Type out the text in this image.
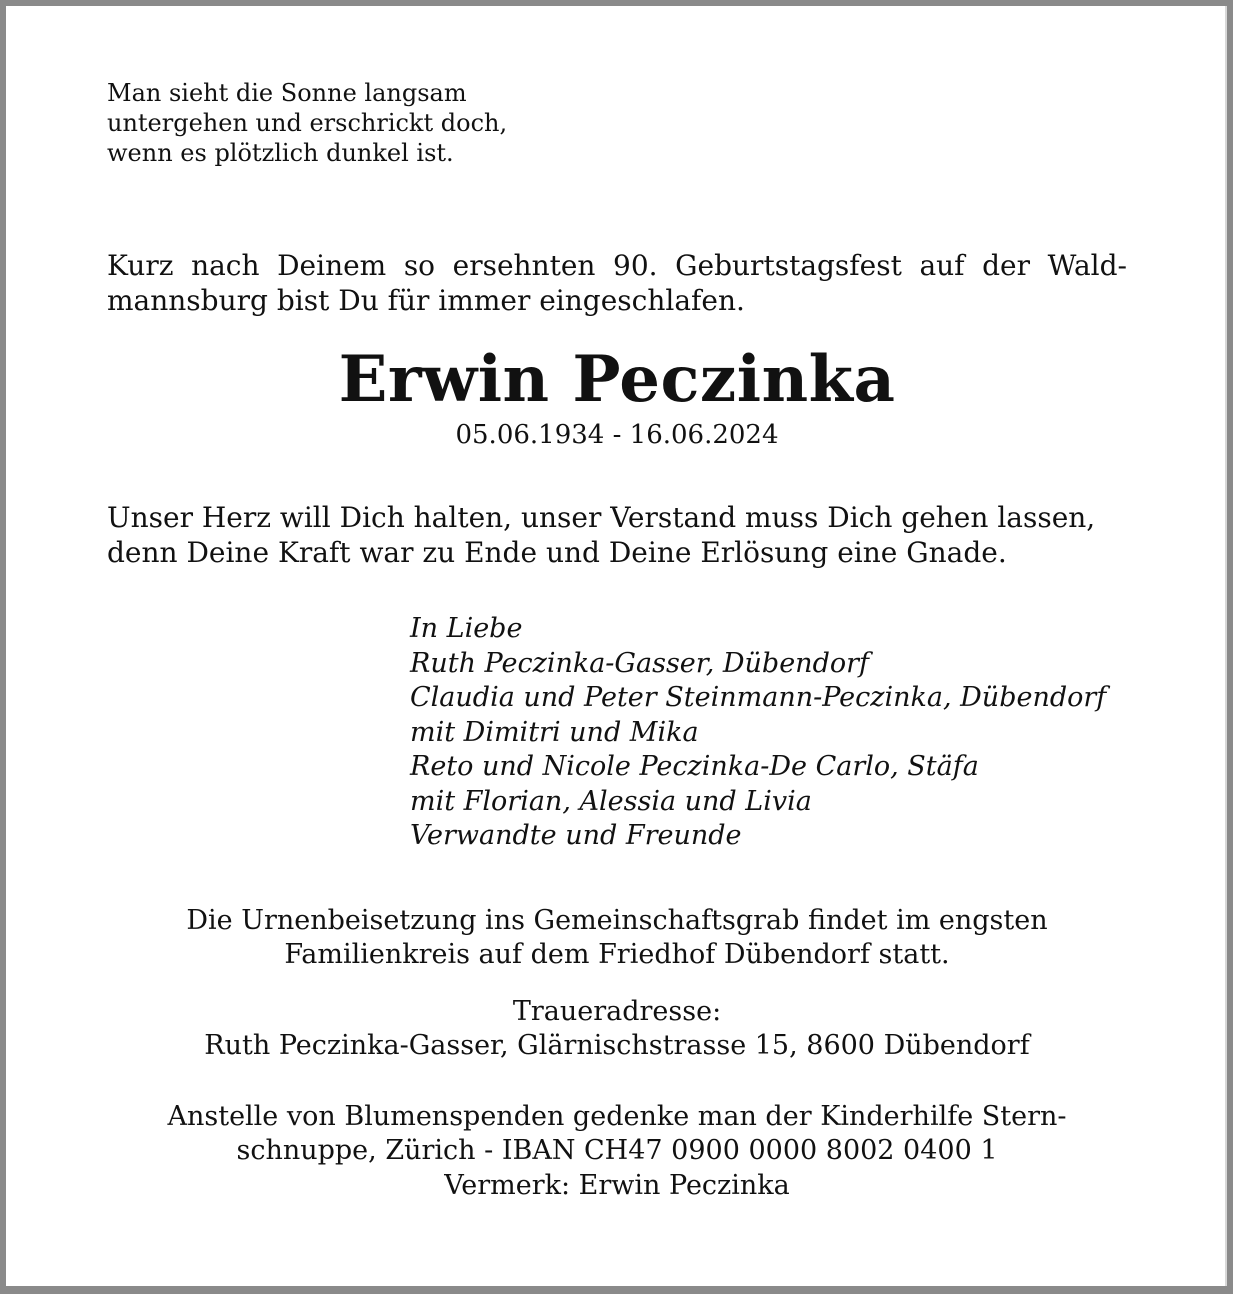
Man sieht die Sonne langsam
untergehen und erschrickt doch,
wenn es plötzlich dunkel ist.

Kurz nach Deinem so ersehnten 90. Geburtstagsfest auf der Waldmannsburg bist Du für immer eingeschlafen.

Erwin Peczinka

05.06.1934 - 16.06.2024

Unser Herz will Dich halten, unser Verstand muss Dich gehen lassen,
denn Deine Kraft war zu Ende und Deine Erlösung eine Gnade.
In Liebe
Ruth Peczinka-Gasser, Dübendorf
Claudia und Peter Steinmann-Peczinka, Dübendorf
mit Dimitri und Mika
Reto und Nicole Peczinka-De Carlo, Stäfa
mit Florian, Alessia und Livia
Verwandte und Freunde
Die Urnenbeisetzung ins Gemeinschaftsgrab findet im engsten
Familienkreis auf dem Friedhof Dübendorf statt.
Traueradresse:
Ruth Peczinka-Gasser, Glärnischstrasse 15, 8600 Dübendorf
Anstelle von Blumenspenden gedenke man der Kinderhilfe Stern-
schnuppe, Zürich - IBAN CH47 0900 0000 8002 0400 1
Vermerk: Erwin Peczinka
